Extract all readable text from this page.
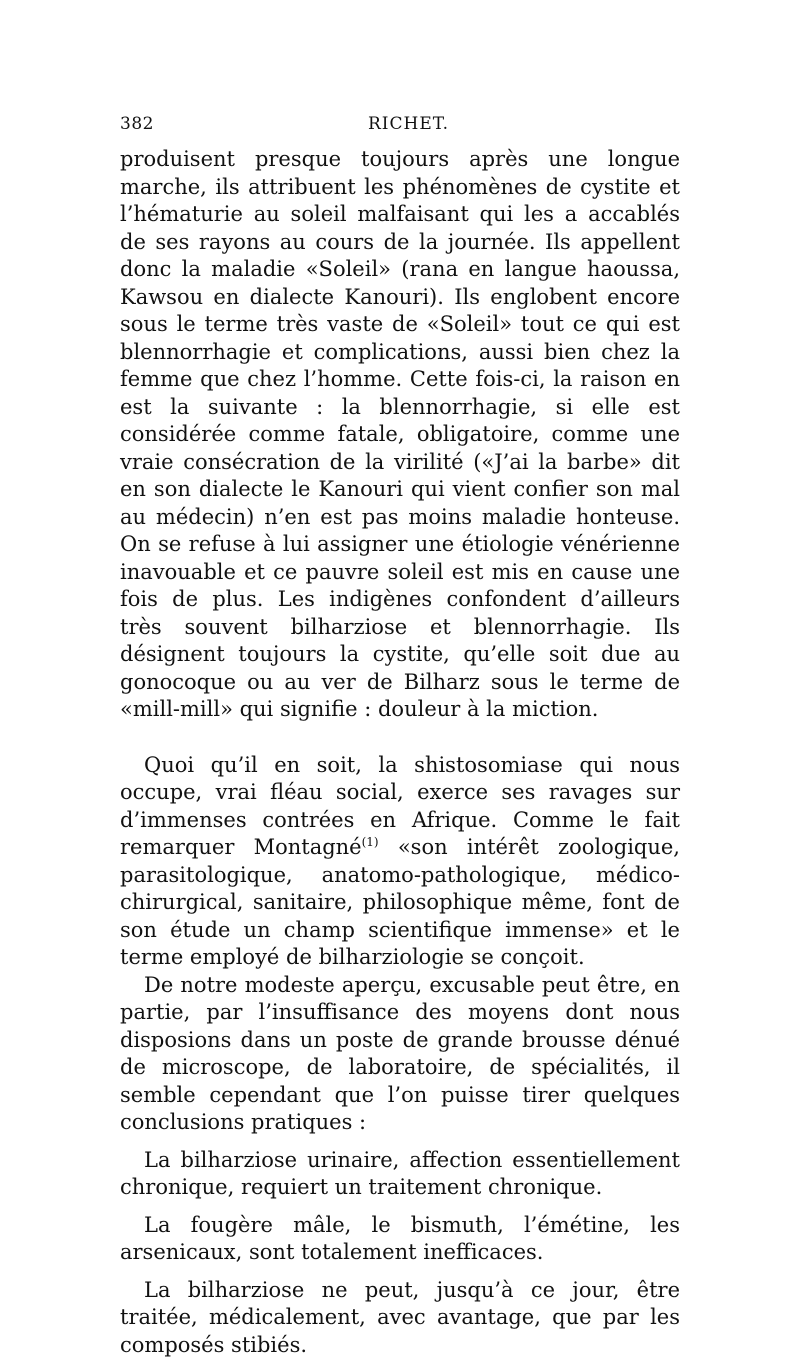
382	RICHET.

produisent presque toujours après une longue marche, ils attribuent les phénomènes de cystite et l’hématurie au soleil malfaisant qui les a accablés de ses rayons au cours de la journée. Ils appellent donc la maladie «Soleil» (rana en langue haoussa, Kawsou en dialecte Kanouri). Ils englobent encore sous le terme très vaste de «Soleil» tout ce qui est blennorrhagie et complications, aussi bien chez la femme que chez l’homme. Cette fois-ci, la raison en est la suivante : la blennorrhagie, si elle est considérée comme fatale, obligatoire, comme une vraie consécration de la virilité («J’ai la barbe» dit en son dialecte le Kanouri qui vient confier son mal au médecin) n’en est pas moins maladie honteuse. On se refuse à lui assigner une étiologie vénérienne inavouable et ce pauvre soleil est mis en cause une fois de plus. Les indigènes confondent d’ailleurs très souvent bilharziose et blennorrhagie. Ils désignent toujours la cystite, qu’elle soit due au gonocoque ou au ver de Bilharz sous le terme de «mill-mill» qui signifie : douleur à la miction.

Quoi qu’il en soit, la shistosomiase qui nous occupe, vrai fléau social, exerce ses ravages sur d’immenses contrées en Afrique. Comme le fait remarquer Montagné$^{(1)}$ «son intérêt zoologique, parasitologique, anatomo-pathologique, médico-chirurgical, sanitaire, philosophique même, font de son étude un champ scientifique immense» et le terme employé de bilharziologie se conçoit.

De notre modeste aperçu, excusable peut être, en partie, par l’insuffisance des moyens dont nous disposions dans un poste de grande brousse dénué de microscope, de laboratoire, de spécialités, il semble cependant que l’on puisse tirer quelques conclusions pratiques :

La bilharziose urinaire, affection essentiellement chronique, requiert un traitement chronique.

La fougère mâle, le bismuth, l’émétine, les arsenicaux, sont totalement inefficaces.

La bilharziose ne peut, jusqu’à ce jour, être traitée, médicalement, avec avantage, que par les composés stibiés.
